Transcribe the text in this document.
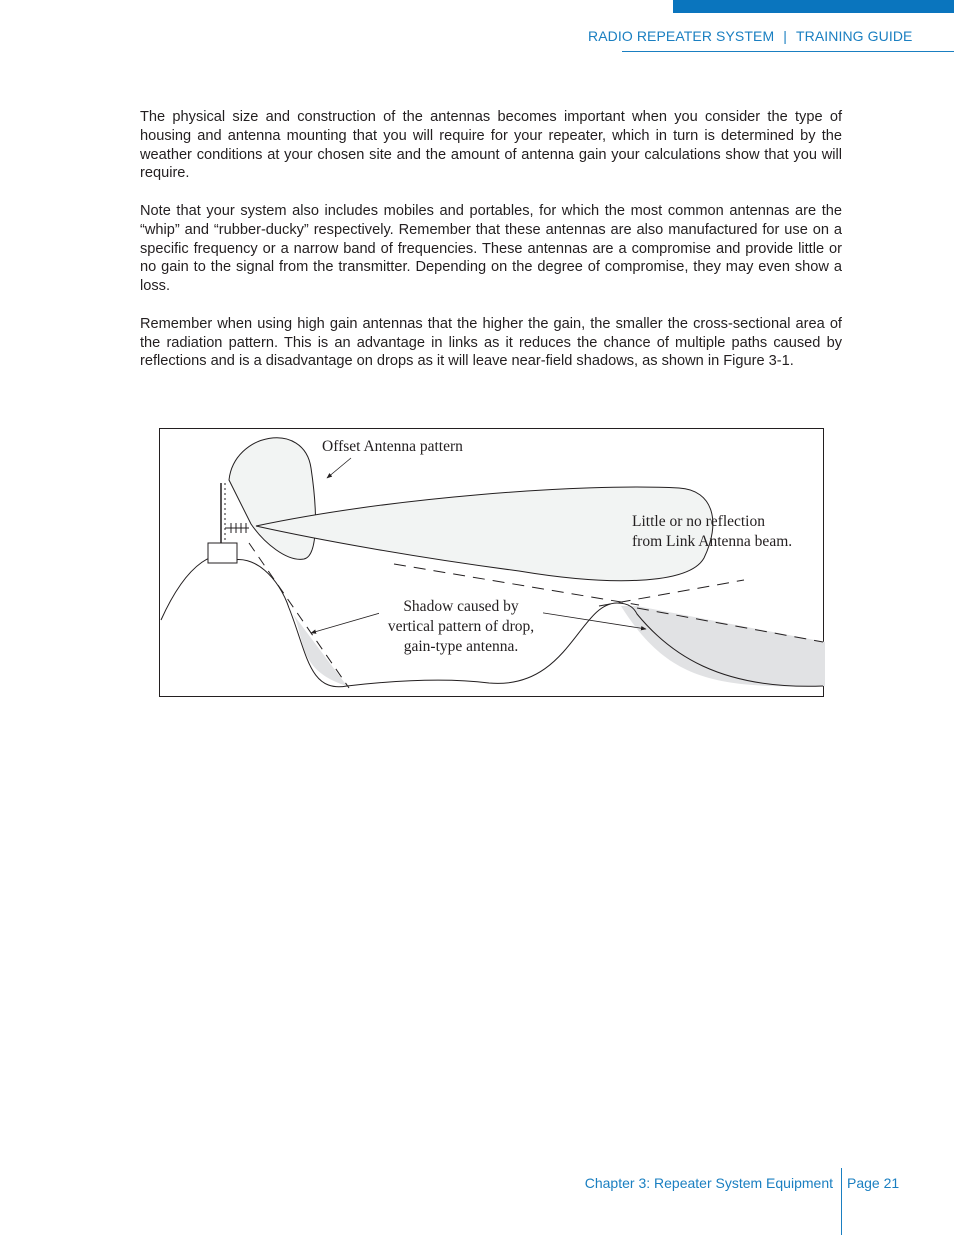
RADIO REPEATER SYSTEM | TRAINING GUIDE

The physical size and construction of the antennas becomes important when you consider the type of housing and antenna mounting that you will require for your repeater, which in turn is determined by the weather conditions at your chosen site and the amount of antenna gain your calculations show that you will require.

Note that your system also includes mobiles and portables, for which the most common antennas are the “whip” and “rubber-ducky” respectively. Remember that these antennas are also manufactured for use on a specific frequency or a narrow band of frequencies. These antennas are a compromise and provide little or no gain to the signal from the transmitter. Depending on the degree of compromise, they may even show a loss.

Remember when using high gain antennas that the higher the gain, the smaller the cross-sectional area of the radiation pattern. This is an advantage in links as it reduces the chance of multiple paths caused by reflections and is a disadvantage on drops as it will leave near-field shadows, as shown in Figure 3-1.

Offset Antenna pattern
Little or no reflection
from Link Antenna beam.
Shadow caused by
vertical pattern of drop,
gain-type antenna.
Chapter 3: Repeater System Equipment Page 21
